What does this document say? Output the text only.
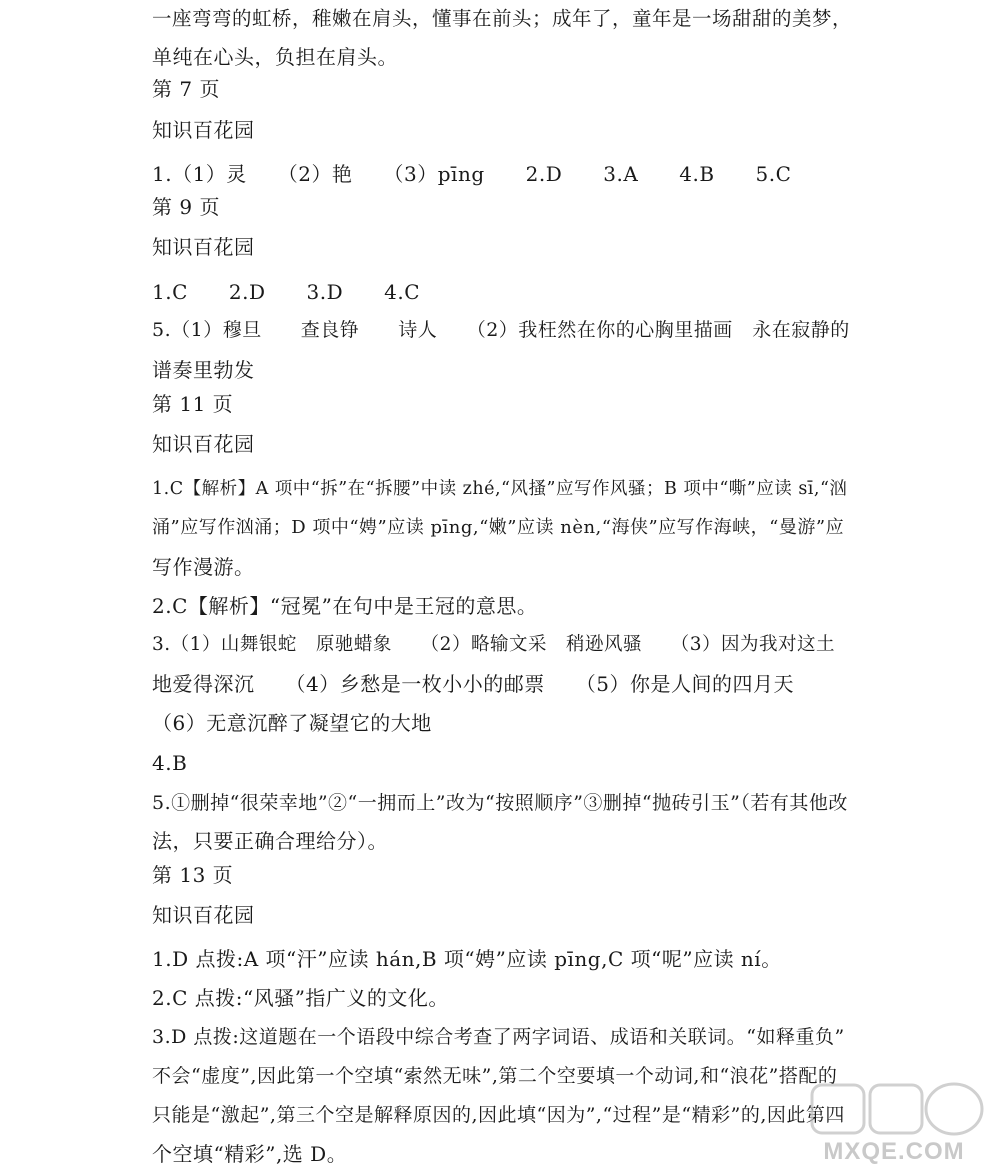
一座弯弯的虹桥，稚嫩在肩头，懂事在前头；成年了，童年是一场甜甜的美梦，
单纯在心头，负担在肩头。
第 7 页
知识百花园
1.（1）灵　　（2）艳　　（3）pīng　　2.D　　3.A　　4.B　　5.C
第 9 页
知识百花园
1.C　　2.D　　3.D　　4.C
5.（1）穆旦　　查良铮　　诗人　　（2）我枉然在你的心胸里描画　永在寂静的
谱奏里勃发
第 11 页
知识百花园
1.C【解析】A 项中“拆”在“拆腰”中读 zhé,“风搔”应写作风骚；B 项中“嘶”应读 sī,“汹
涌”应写作汹涌；D 项中“娉”应读 pīng,“嫩”应读 nèn,“海侠”应写作海峡，“曼游”应
写作漫游。
2.C【解析】“冠冕”在句中是王冠的意思。
3.（1）山舞银蛇　原驰蜡象　　（2）略输文采　稍逊风骚　　（3）因为我对这土
地爱得深沉　　（4）乡愁是一枚小小的邮票　　（5）你是人间的四月天
（6）无意沉醉了凝望它的大地
4.B
5.①删掉“很荣幸地”②“一拥而上”改为“按照顺序”③删掉“抛砖引玉”（若有其他改
法，只要正确合理给分）。
第 13 页
知识百花园
1.D 点拨:A 项“汗”应读 hán,B 项“娉”应读 pīng,C 项“呢”应读 ní。
2.C 点拨:“风骚”指广义的文化。
3.D 点拨:这道题在一个语段中综合考查了两字词语、成语和关联词。“如释重负”
不会“虚度”,因此第一个空填“索然无味”,第二个空要填一个动词,和“浪花”搭配的
只能是“激起”,第三个空是解释原因的,因此填“因为”,“过程”是“精彩”的,因此第四
个空填“精彩”,选 D。	MXQE.COM
